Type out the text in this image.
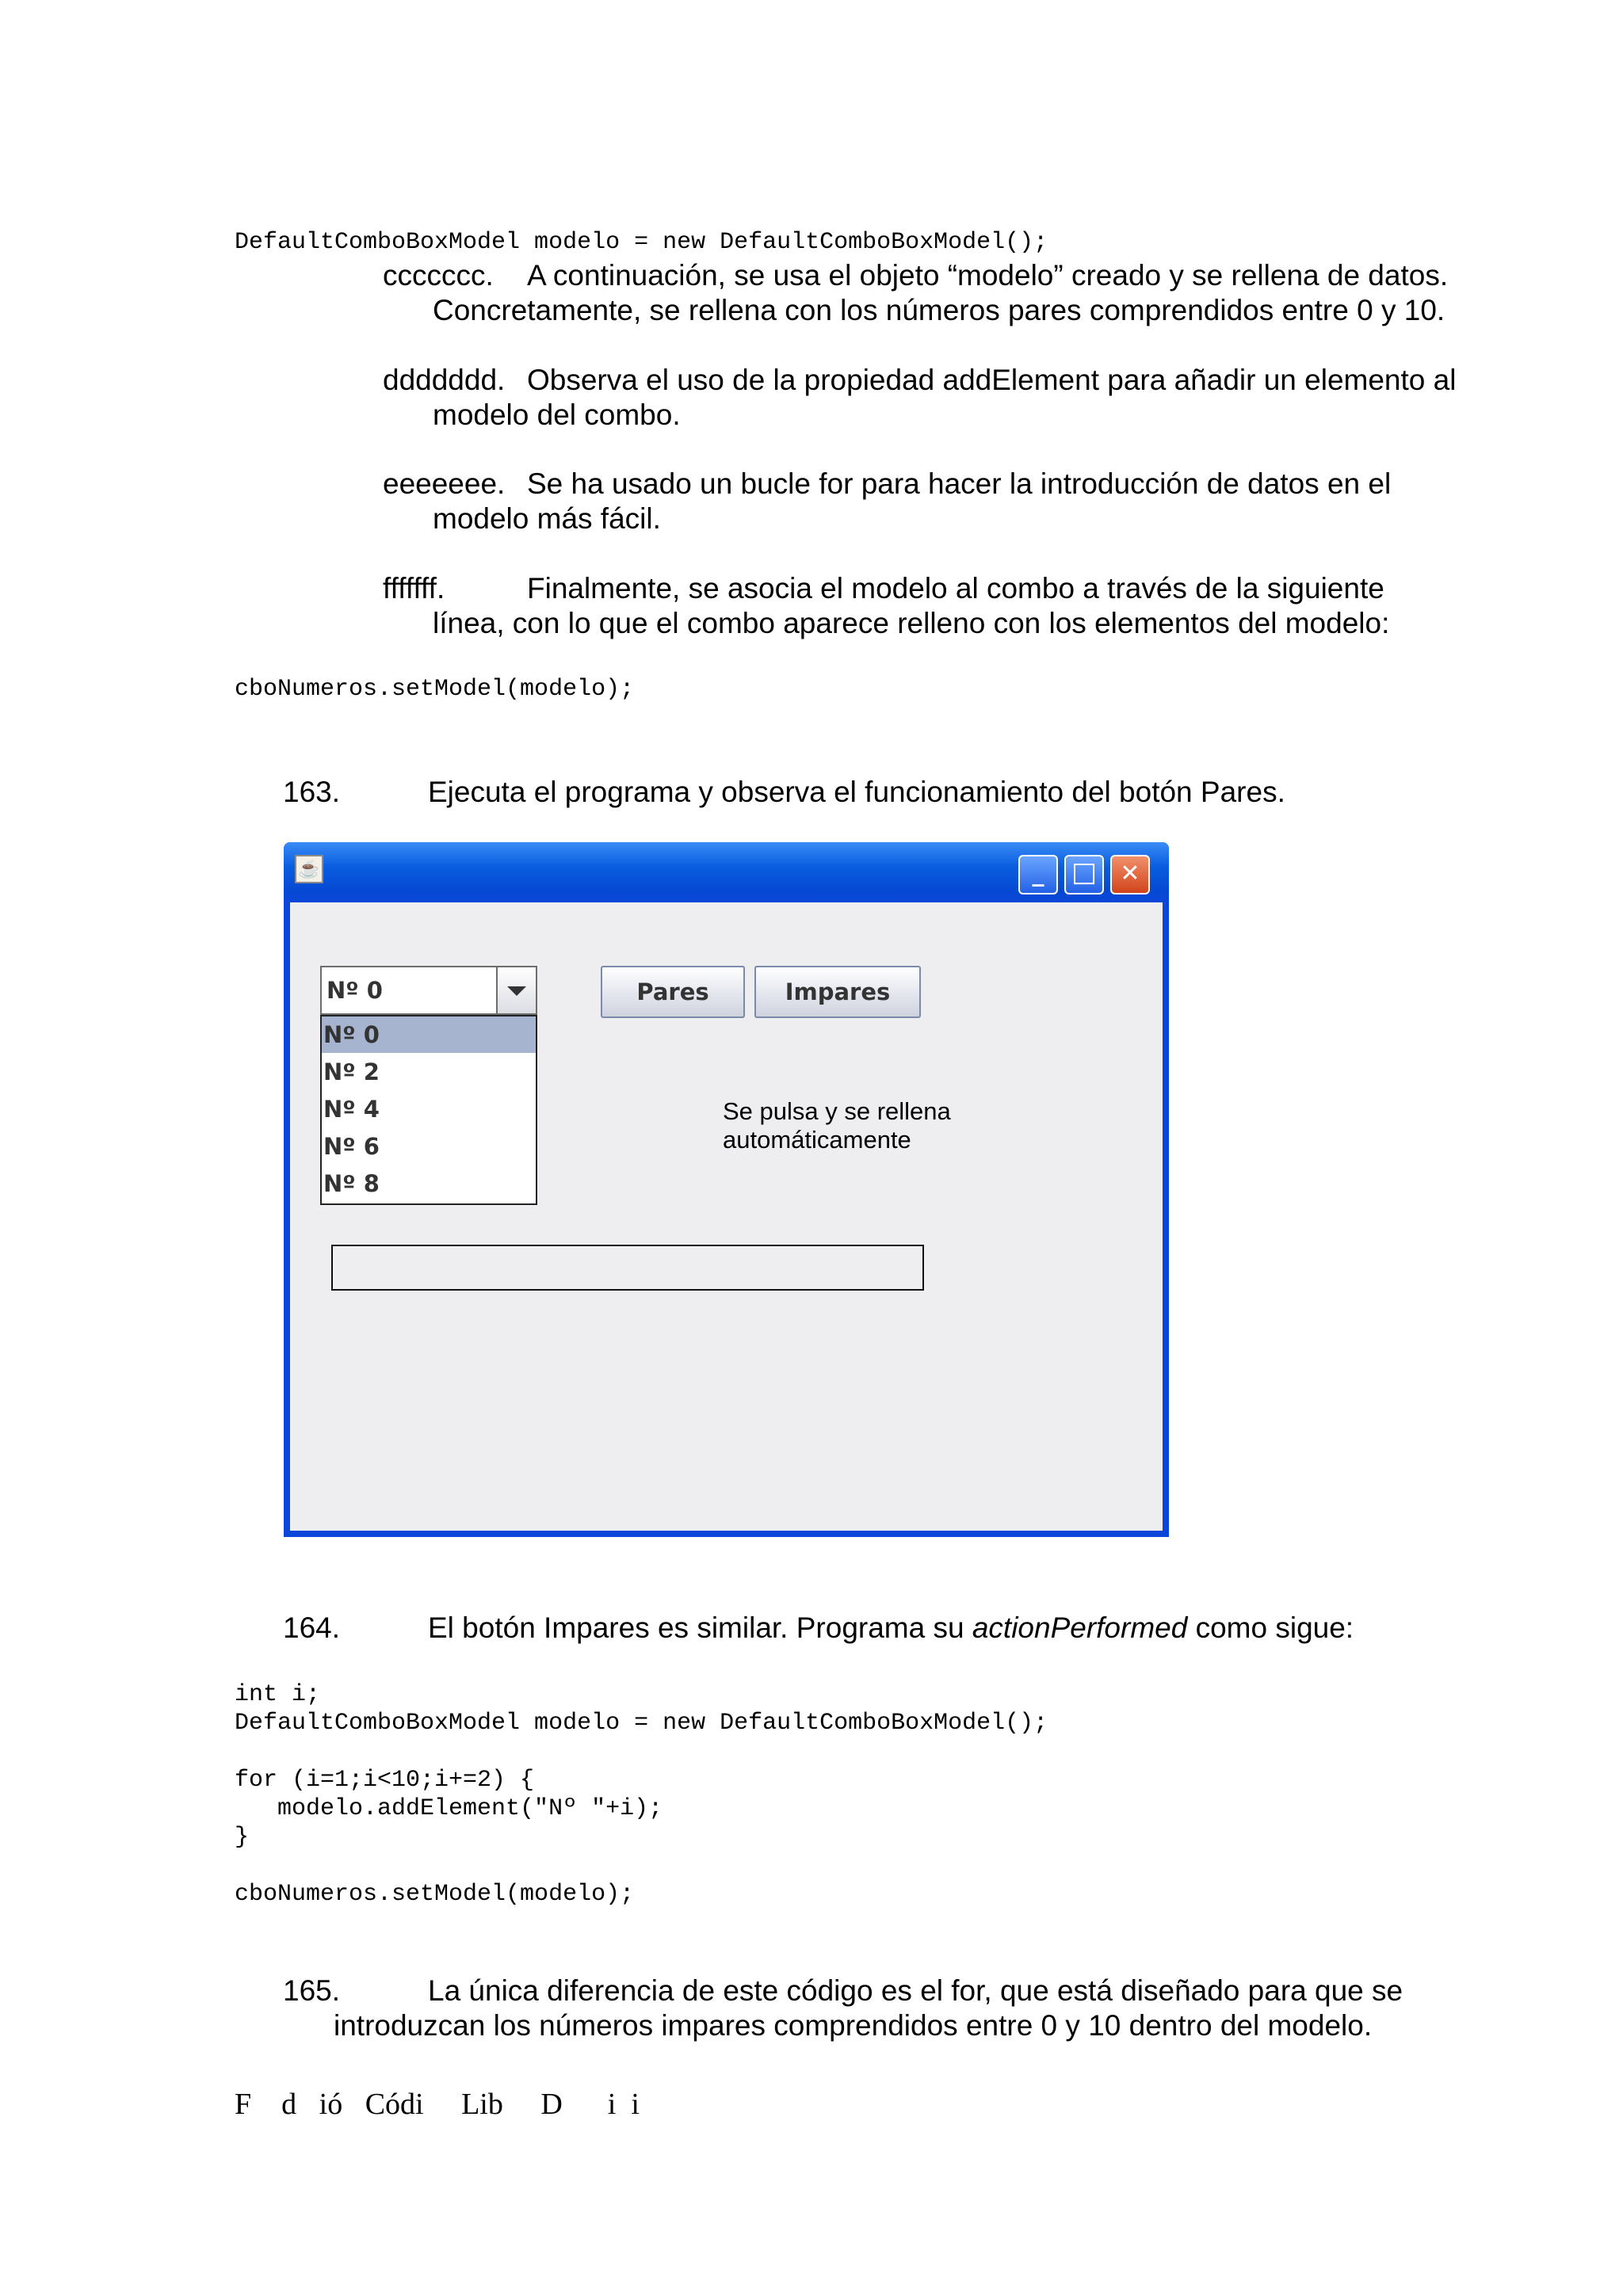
DefaultComboBoxModel modelo = new DefaultComboBoxModel();
ccccccc. A continuación, se usa el objeto “modelo” creado y se rellena de datos.
Concretamente, se rellena con los números pares comprendidos entre 0 y 10.
ddddddd. Observa el uso de la propiedad addElement para añadir un elemento al
modelo del combo.
eeeeeee. Se ha usado un bucle for para hacer la introducción de datos en el
modelo más fácil.
fffffff.	Finalmente, se asocia el modelo al combo a través de la siguiente
línea, con lo que el combo aparece relleno con los elementos del modelo:
cboNumeros.setModel(modelo);
163.	Ejecuta el programa y observa el funcionamiento del botón Pares.
☕	_	□ ✕
Nº 0
Nº 0
Nº 2
Nº 4
Nº 6
Nº 8
Pares	Impares
Se pulsa y se rellena
automáticamente
164.	El botón Impares es similar. Programa su actionPerformed como sigue:
int i;
DefaultComboBoxModel modelo = new DefaultComboBoxModel();

for (i=1;i<10;i+=2) {
modelo.addElement("Nº "+i);
}

cboNumeros.setModel(modelo);
165.	La única diferencia de este código es el for, que está diseñado para que se
introduzcan los números impares comprendidos entre 0 y 10 dentro del modelo.
F    d   ió   Códi     Lib     D      i  i
